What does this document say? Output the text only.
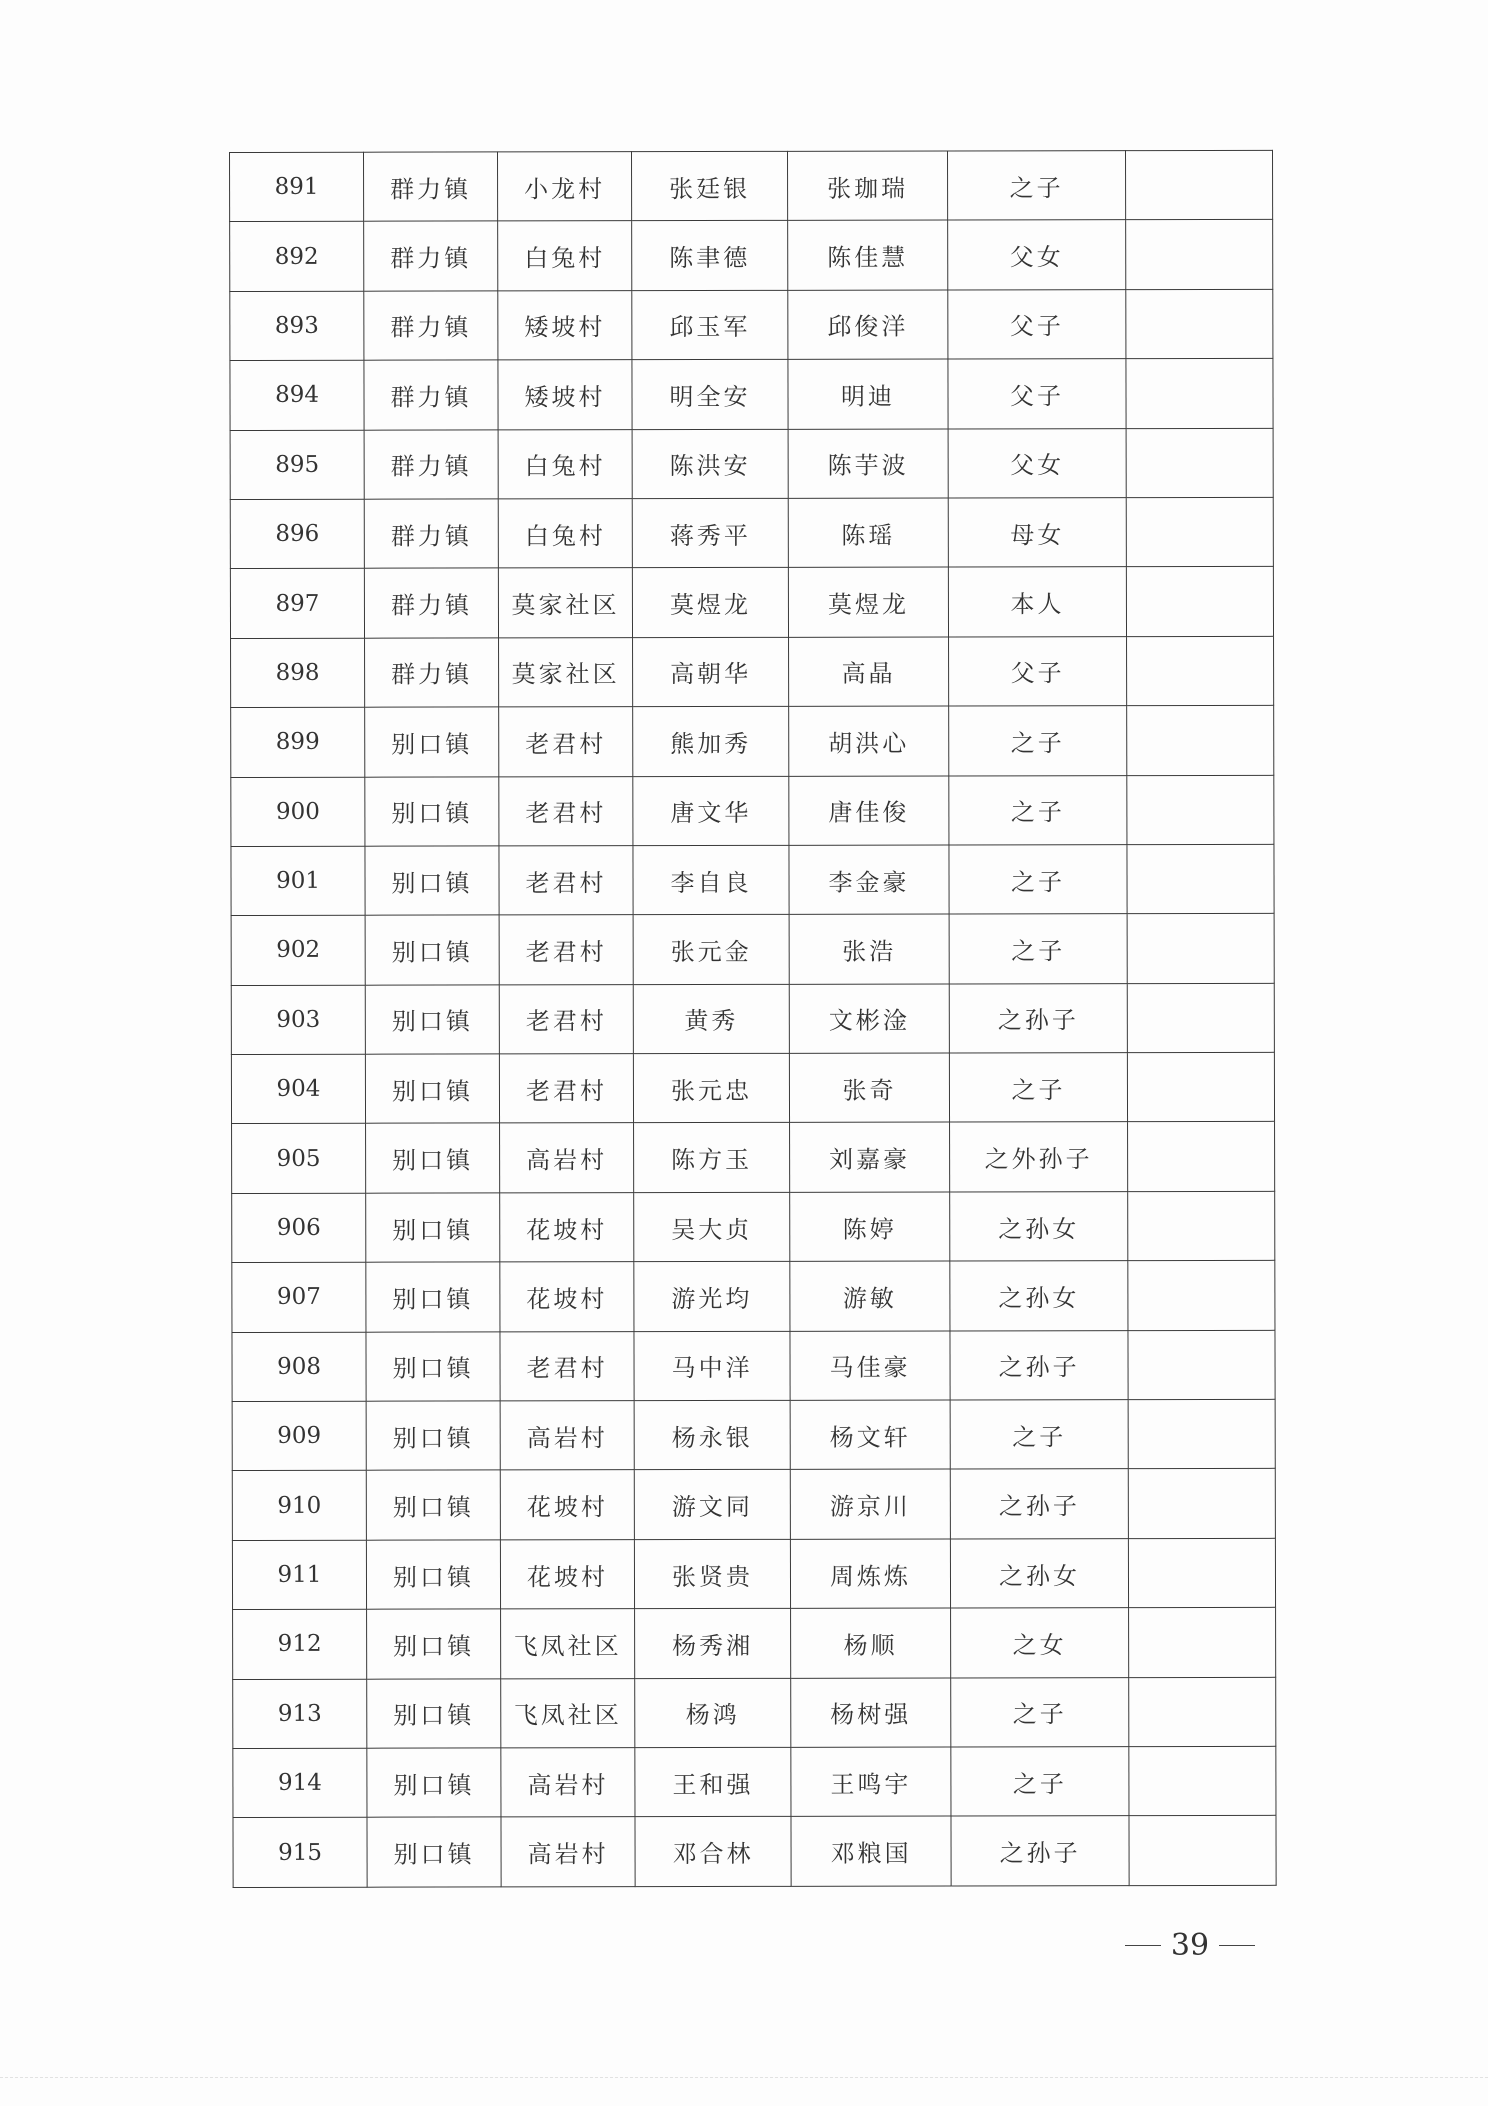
891	群力镇	小龙村	张廷银	张珈瑞	之子	
892	群力镇	白兔村	陈聿德	陈佳慧	父女	
893	群力镇	矮坡村	邱玉军	邱俊洋	父子	
894	群力镇	矮坡村	明全安	明迪	父子	
895	群力镇	白兔村	陈洪安	陈芋波	父女	
896	群力镇	白兔村	蒋秀平	陈瑶	母女	
897	群力镇	莫家社区	莫煜龙	莫煜龙	本人	
898	群力镇	莫家社区	高朝华	高晶	父子	
899	别口镇	老君村	熊加秀	胡洪心	之子	
900	别口镇	老君村	唐文华	唐佳俊	之子	
901	别口镇	老君村	李自良	李金豪	之子	
902	别口镇	老君村	张元金	张浩	之子	
903	别口镇	老君村	黄秀	文彬淦	之孙子	
904	别口镇	老君村	张元忠	张奇	之子	
905	别口镇	高岩村	陈方玉	刘嘉豪	之外孙子	
906	别口镇	花坡村	吴大贞	陈婷	之孙女	
907	别口镇	花坡村	游光均	游敏	之孙女	
908	别口镇	老君村	马中洋	马佳豪	之孙子	
909	别口镇	高岩村	杨永银	杨文轩	之子	
910	别口镇	花坡村	游文同	游京川	之孙子	
911	别口镇	花坡村	张贤贵	周炼炼	之孙女	
912	别口镇	飞凤社区	杨秀湘	杨顺	之女	
913	别口镇	飞凤社区	杨鸿	杨树强	之子	
914	别口镇	高岩村	王和强	王鸣宇	之子	
915	别口镇	高岩村	邓合林	邓粮国	之孙子	
39
